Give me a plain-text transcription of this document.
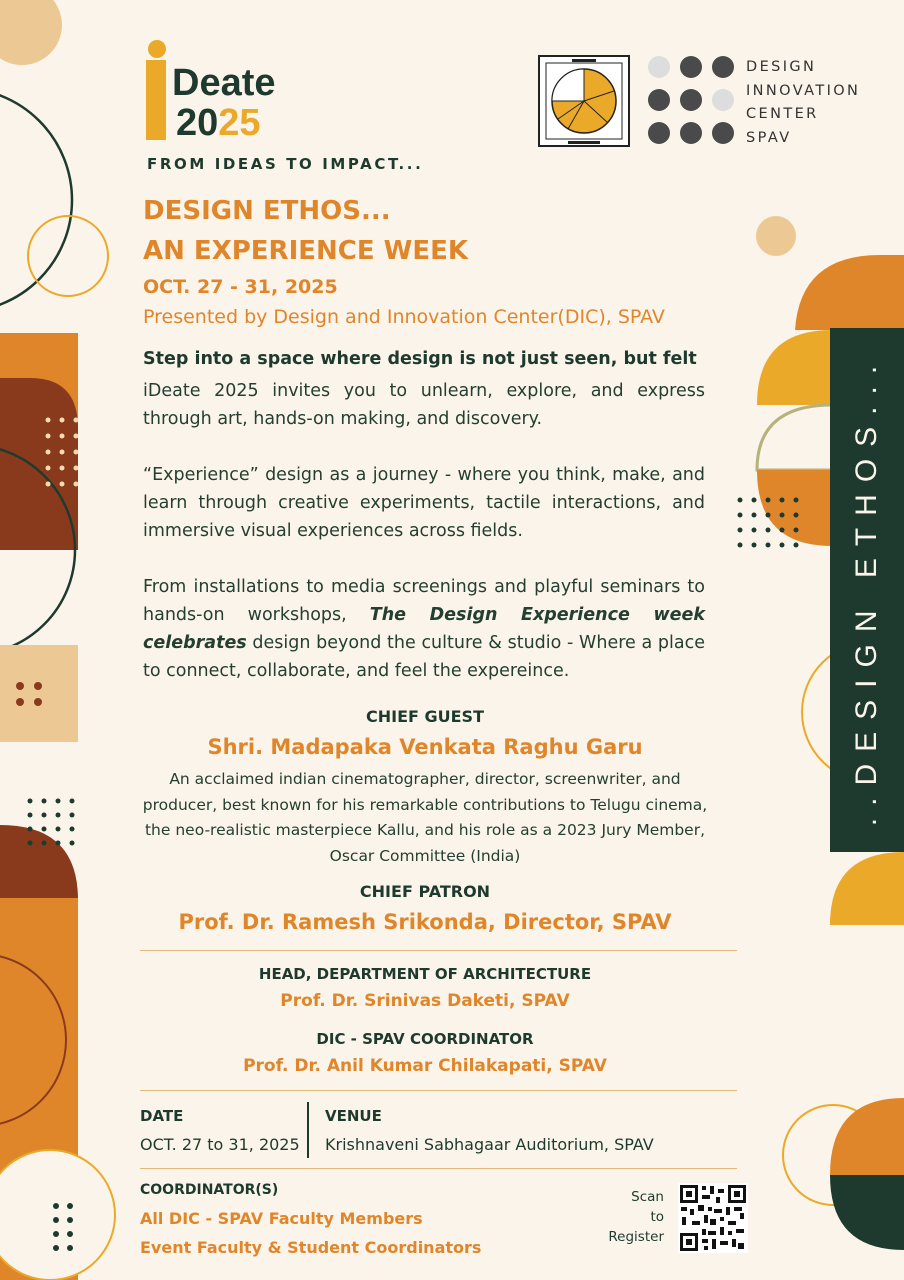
..DESIGN ETHOS...
Deate
2025
FROM IDEAS TO IMPACT...
DESIGN
INNOVATION
CENTER
SPAV
DESIGN ETHOS...
AN EXPERIENCE WEEK
OCT. 27 - 31, 2025
Presented by Design and Innovation Center(DIC), SPAV

Step into a space where design is not just seen, but felt

iDeate 2025 invites you to unlearn, explore, and express through art, hands-on making, and discovery.

“Experience” design as a journey - where you think, make, and learn through creative experiments, tactile interactions, and immersive visual experiences across fields.

From installations to media screenings and playful seminars to hands-on workshops, The Design Experience week celebrates design beyond the culture & studio - Where a place to connect, collaborate, and feel the expereince.

CHIEF GUEST
Shri. Madapaka Venkata Raghu Garu
An acclaimed indian cinematographer, director, screenwriter, and producer, best known for his remarkable contributions to Telugu cinema, the neo-realistic masterpiece Kallu, and his role as a 2023 Jury Member, Oscar Committee (India)
CHIEF PATRON
Prof. Dr. Ramesh Srikonda, Director, SPAV
HEAD, DEPARTMENT OF ARCHITECTURE
Prof. Dr. Srinivas Daketi, SPAV
DIC - SPAV COORDINATOR
Prof. Dr. Anil Kumar Chilakapati, SPAV
DATE
OCT. 27 to 31, 2025
VENUE
Krishnaveni Sabhagaar Auditorium, SPAV
COORDINATOR(S)
All DIC - SPAV Faculty Members
Event Faculty & Student Coordinators
Scan
to
Register
